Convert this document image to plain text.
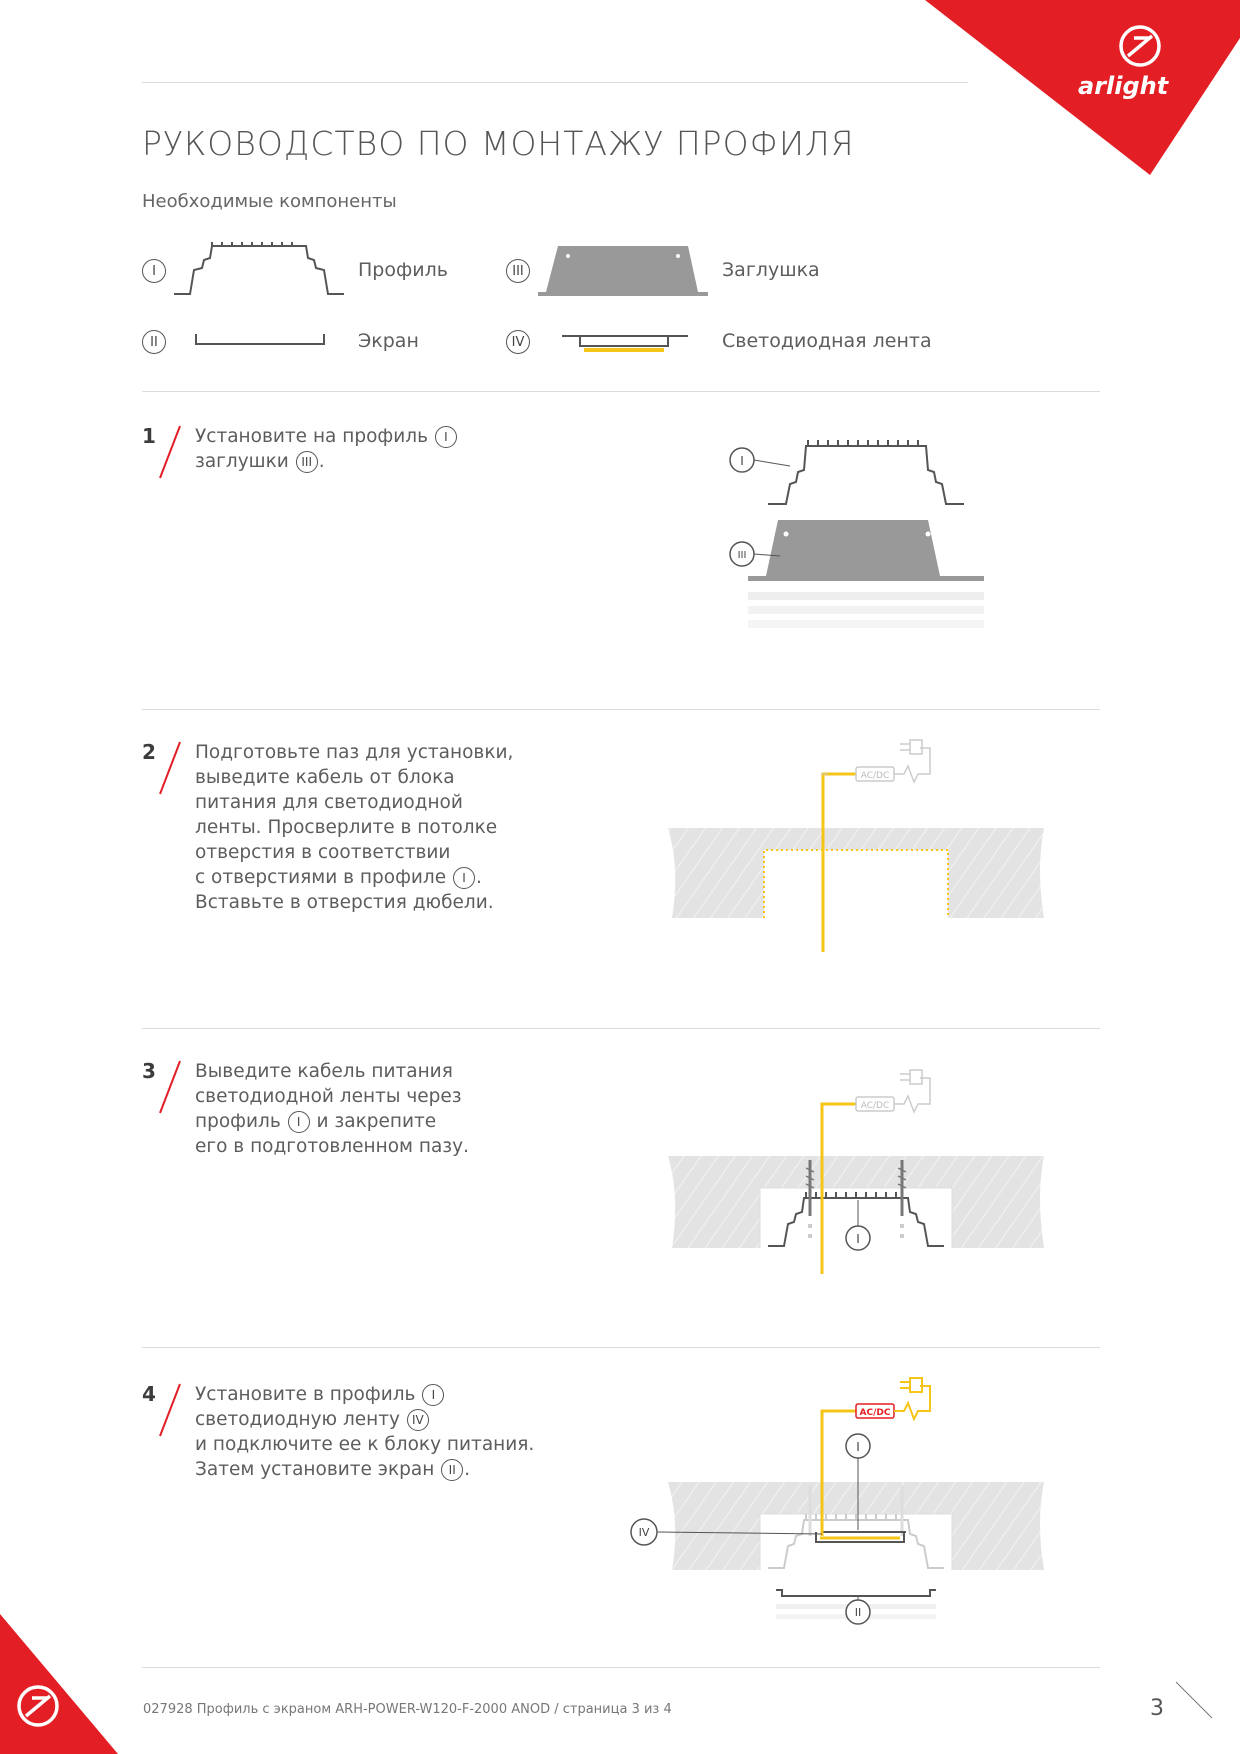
arlight
РУКОВОДСТВО ПО МОНТАЖУ ПРОФИЛЯ
Необходимые компоненты
I	Профиль
II	Экран
III	Заглушка
IV	Светодиодная лента
1 Установите на профиль I
заглушки III .	I
III
2 Подготовьте паз для установки,
выведите кабель от блока
питания для светодиодной
ленты. Просверлите в потолке
отверстия в соответствии
с отверстиями в профиле I .
Вставьте в отверстия дюбели.
AC/DC
3 Выведите кабель питания
светодиодной ленты через
профиль I и закрепите
его в подготовленном пазу.
AC/DC
I
4 Установите в профиль I
светодиодную ленту IV
и подключите ее к блоку питания.
Затем установите экран II .
AC/DC
I
IV
II
027928 Профиль с экраном ARH-POWER-W120-F-2000 ANOD / страница 3 из 4	3
